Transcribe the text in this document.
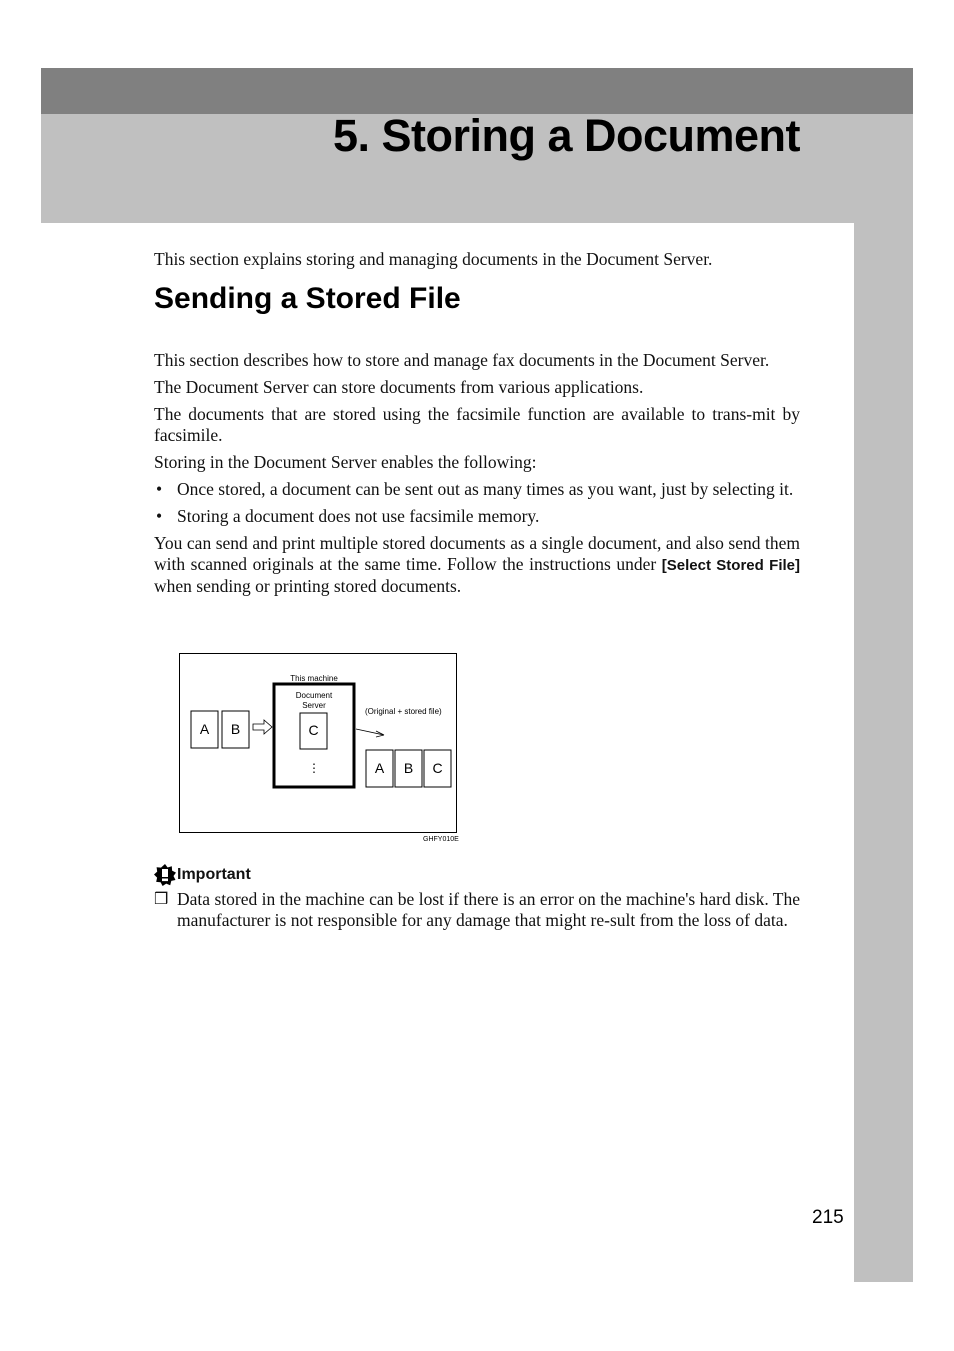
5. Storing a Document

This section explains storing and managing documents in the Document Server.

Sending a Stored File

This section describes how to store and manage fax documents in the Document Server.

The Document Server can store documents from various applications.

The documents that are stored using the facsimile function are available to trans-mit by facsimile.

Storing in the Document Server enables the following:

• Once stored, a document can be sent out as many times as you want, just by selecting it.
• Storing a document does not use facsimile memory.

You can send and print multiple stored documents as a single document, and also send them with scanned originals at the same time. Follow the instructions under [Select Stored File] when sending or printing stored documents.

A B
This machine
Document
Server
C
⋮
(Original + stored file)
A B C
GHFY010E
Important
❒ Data stored in the machine can be lost if there is an error on the machine's hard disk. The manufacturer is not responsible for any damage that might re-sult from the loss of data.

215
